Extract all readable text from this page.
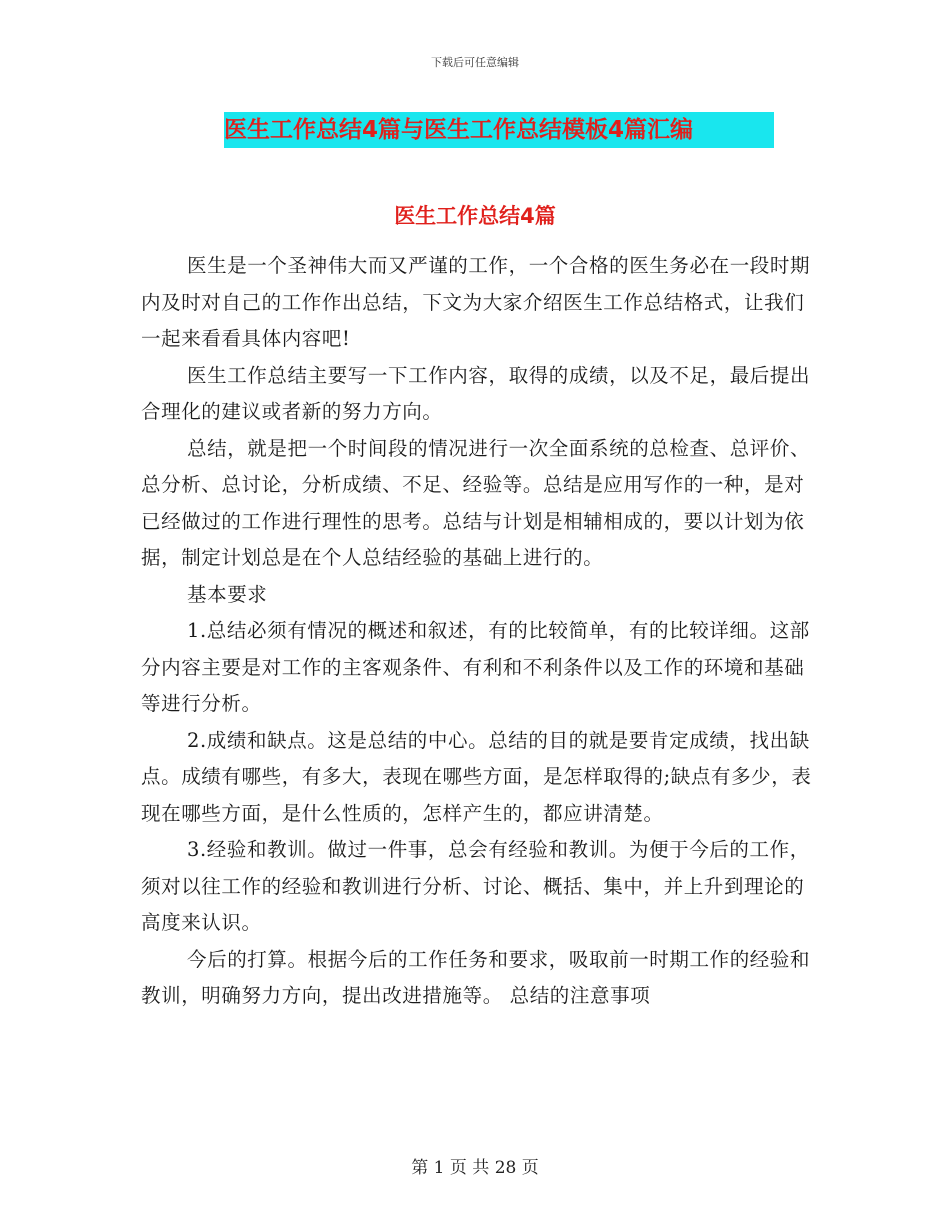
下载后可任意编辑
医生工作总结4篇与医生工作总结模板4篇汇编
医生工作总结4篇

医生是一个圣神伟大而又严谨的工作，一个合格的医生务必在一段时期内及时对自己的工作作出总结，下文为大家介绍医生工作总结格式，让我们一起来看看具体内容吧!

医生工作总结主要写一下工作内容，取得的成绩，以及不足，最后提出合理化的建议或者新的努力方向。

总结，就是把一个时间段的情况进行一次全面系统的总检查、总评价、总分析、总讨论，分析成绩、不足、经验等。总结是应用写作的一种，是对已经做过的工作进行理性的思考。总结与计划是相辅相成的，要以计划为依据，制定计划总是在个人总结经验的基础上进行的。

基本要求

1.总结必须有情况的概述和叙述，有的比较简单，有的比较详细。这部分内容主要是对工作的主客观条件、有利和不利条件以及工作的环境和基础等进行分析。

2.成绩和缺点。这是总结的中心。总结的目的就是要肯定成绩，找出缺点。成绩有哪些，有多大，表现在哪些方面，是怎样取得的;缺点有多少，表现在哪些方面，是什么性质的，怎样产生的，都应讲清楚。

3.经验和教训。做过一件事，总会有经验和教训。为便于今后的工作，须对以往工作的经验和教训进行分析、讨论、概括、集中，并上升到理论的高度来认识。

今后的打算。根据今后的工作任务和要求，吸取前一时期工作的经验和教训，明确努力方向，提出改进措施等。 总结的注意事项

第 1 页 共 28 页
